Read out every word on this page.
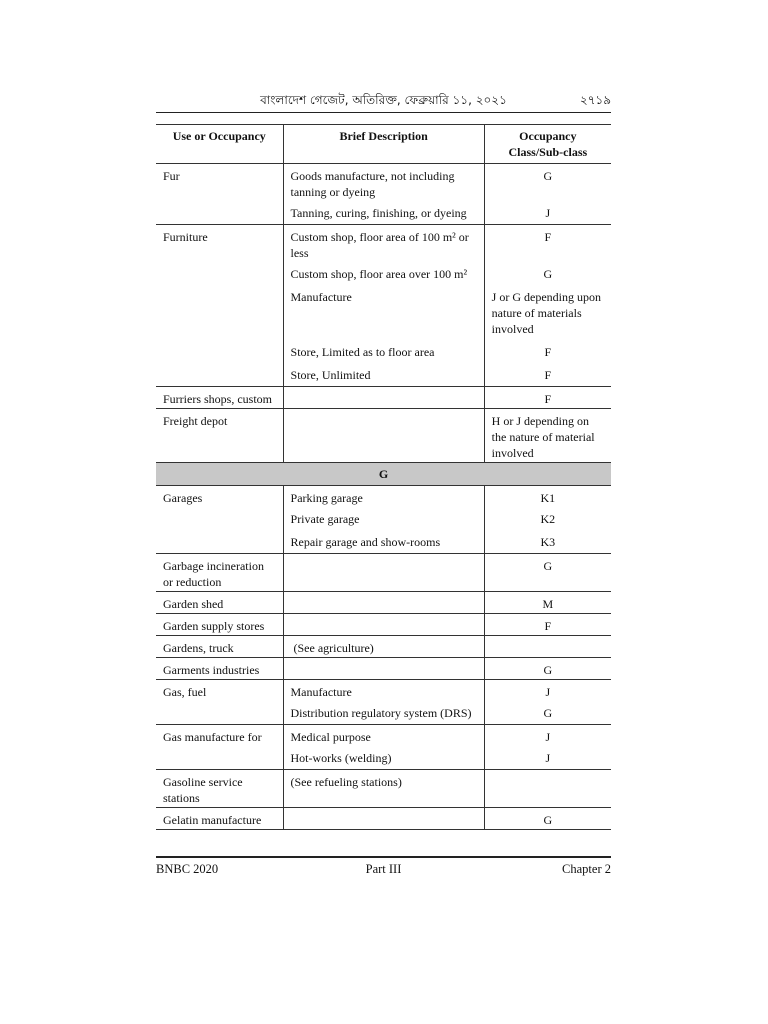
বাংলাদেশ গেজেট, অতিরিক্ত, ফেব্রুয়ারি ১১, ২০২১	২৭১৯
Use or Occupancy	Brief Description	Occupancy Class/Sub-class
Fur	Goods manufacture, not including tanning or dyeing	G
	Tanning, curing, finishing, or dyeing	J
Furniture	Custom shop, floor area of 100 m² or less	F
	Custom shop, floor area over 100 m²	G
	Manufacture	J or G depending upon nature of materials involved
	Store, Limited as to floor area	F
	Store, Unlimited	F
Furriers shops, custom		F
Freight depot		H or J depending on the nature of material involved
G		
Garages	Parking garage	K1
	Private garage	K2
	Repair garage and show-rooms	K3
Garbage incineration or reduction		G
Garden shed		M
Garden supply stores		F
Gardens, truck	(See agriculture)	
Garments industries		G
Gas, fuel	Manufacture	J
	Distribution regulatory system (DRS)	G
Gas manufacture for	Medical purpose	J
	Hot-works (welding)	J
Gasoline service stations	(See refueling stations)	
Gelatin manufacture		G
BNBC 2020	Part III	Chapter 2
